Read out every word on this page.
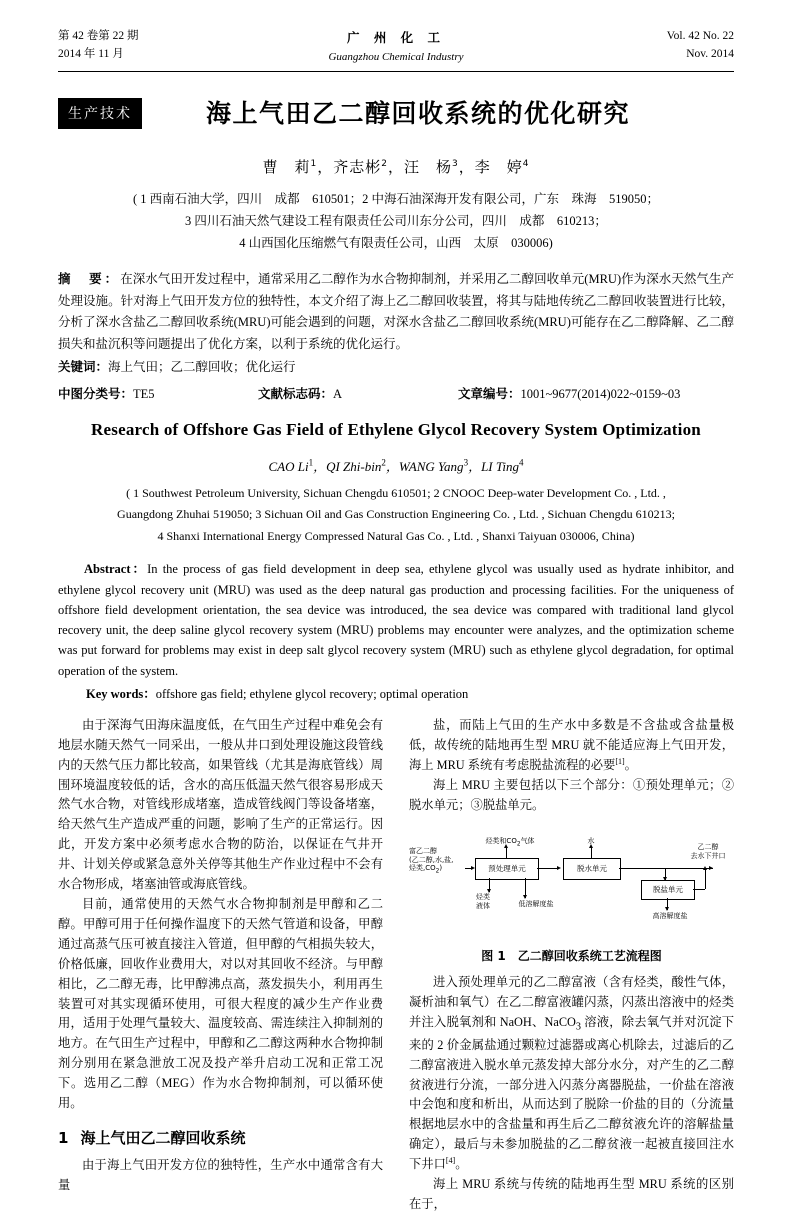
第 42 卷第 22 期
2014 年 11 月
广 州 化 工
Guangzhou Chemical Industry
Vol. 42 No. 22
Nov. 2014
生产技术	海上气田乙二醇回收系统的优化研究
曹　莉$^1$，齐志彬$^2$，汪　杨$^3$，李　婷$^4$
( 1 西南石油大学，四川　成都　610501；2 中海石油深海开发有限公司，广东　珠海　519050；
3 四川石油天然气建设工程有限责任公司川东分公司，四川　成都　610213；
4 山西国化压缩燃气有限责任公司，山西　太原　030006)
摘　要：在深水气田开发过程中，通常采用乙二醇作为水合物抑制剂，并采用乙二醇回收单元(MRU)作为深水天然气生产处理设施。针对海上气田开发方位的独特性，本文介绍了海上乙二醇回收装置，将其与陆地传统乙二醇回收装置进行比较，分析了深水含盐乙二醇回收系统(MRU)可能会遇到的问题，对深水含盐乙二醇回收系统(MRU)可能存在乙二醇降解、乙二醇损失和盐沉积等问题提出了优化方案，以利于系统的优化运行。
关键词：海上气田；乙二醇回收；优化运行
中图分类号：TE5	文献标志码：A	文章编号：1001~9677(2014)022~0159~03
Research of Offshore Gas Field of Ethylene Glycol Recovery System Optimization
CAO Li$^1$，QI Zhi-bin$^2$，WANG Yang$^3$，LI Ting$^4$
( 1 Southwest Petroleum University, Sichuan Chengdu 610501; 2 CNOOC Deep-water Development Co. , Ltd. ,
Guangdong Zhuhai 519050; 3 Sichuan Oil and Gas Construction Engineering Co. , Ltd. , Sichuan Chengdu 610213;
4 Shanxi International Energy Compressed Natural Gas Co. , Ltd. , Shanxi Taiyuan 030006, China)
Abstract：In the process of gas field development in deep sea, ethylene glycol was usually used as hydrate inhibitor, and ethylene glycol recovery unit (MRU) was used as the deep natural gas production and processing facilities. For the uniqueness of offshore field development orientation, the sea device was introduced, the sea device was compared with traditional land glycol recovery unit, the deep saline glycol recovery system (MRU) problems may encounter were analyzes, and the optimization scheme was put forward for problems may exist in deep salt glycol recovery system (MRU) such as ethylene glycol degradation, for optimal operation of the system.
Key words：offshore gas field; ethylene glycol recovery; optimal operation

由于深海气田海床温度低，在气田生产过程中难免会有地层水随天然气一同采出，一般从井口到处理设施这段管线内的天然气压力都比较高，如果管线（尤其是海底管线）周围环境温度较低的话，含水的高压低温天然气很容易形成天然气水合物，对管线形成堵塞，造成管线阀门等设备堵塞，给天然气生产造成严重的问题，影响了生产的正常运行。因此，开发方案中必须考虑水合物的防治，以保证在气井开井、计划关停或紧急意外关停等其他生产作业过程中不会有水合物形成，堵塞油管或海底管线。

目前，通常使用的天然气水合物抑制剂是甲醇和乙二醇。甲醇可用于任何操作温度下的天然气管道和设备，甲醇通过高蒸气压可被直接注入管道，但甲醇的气相损失较大，价格低廉，回收作业费用大，对以对其回收不经济。与甲醇相比，乙二醇无毒，比甲醇沸点高，蒸发损失小，利用再生装置可对其实现循环使用，可很大程度的减少生产作业费用，适用于处理气量较大、温度较高、需连续注入抑制剂的地方。在气田生产过程中，甲醇和乙二醇这两种水合物抑制剂分别用在紧急泄放工况及投产举升启动工况和正常工况下。选用乙二醇（MEG）作为水合物抑制剂，可以循环使用。

1 海上气田乙二醇回收系统

由于海上气田开发方位的独特性，生产水中通常含有大量

盐，而陆上气田的生产水中多数是不含盐或含盐量极低，故传统的陆地再生型 MRU 就不能适应海上气田开发，海上 MRU 系统有考虑脱盐流程的必要[1]。

海上 MRU 主要包括以下三个部分：①预处理单元；②脱水单元；③脱盐单元。

预处理单元	脱水单元
脱盐单元
富乙二醇
(乙二醇,水,盐,
烃类$,CO_2$)
烃类和$CO_2$气体	水
乙二醇
去水下井口
烃类
液体	低溶解度盐
高溶解度盐
图 1　乙二醇回收系统工艺流程图

进入预处理单元的乙二醇富液（含有烃类，酸性气体，凝析油和氧气）在乙二醇富液罐闪蒸，闪蒸出溶液中的烃类并注入脱氧剂和 NaOH、NaCO$_3$ 溶液，除去氧气并对沉淀下来的 2 价金属盐通过颗粒过滤器或离心机除去，过滤后的乙二醇富液进入脱水单元蒸发掉大部分水分，对产生的乙二醇贫液进行分流，一部分进入闪蒸分离器脱盐，一价盐在溶液中会饱和度和析出，从而达到了脱除一价盐的目的（分流量根据地层水中的含盐量和再生后乙二醇贫液允许的溶解盐量确定），最后与未参加脱盐的乙二醇贫液一起被直接回注水下井口[4]。

海上 MRU 系统与传统的陆地再生型 MRU 系统的区别在于，
